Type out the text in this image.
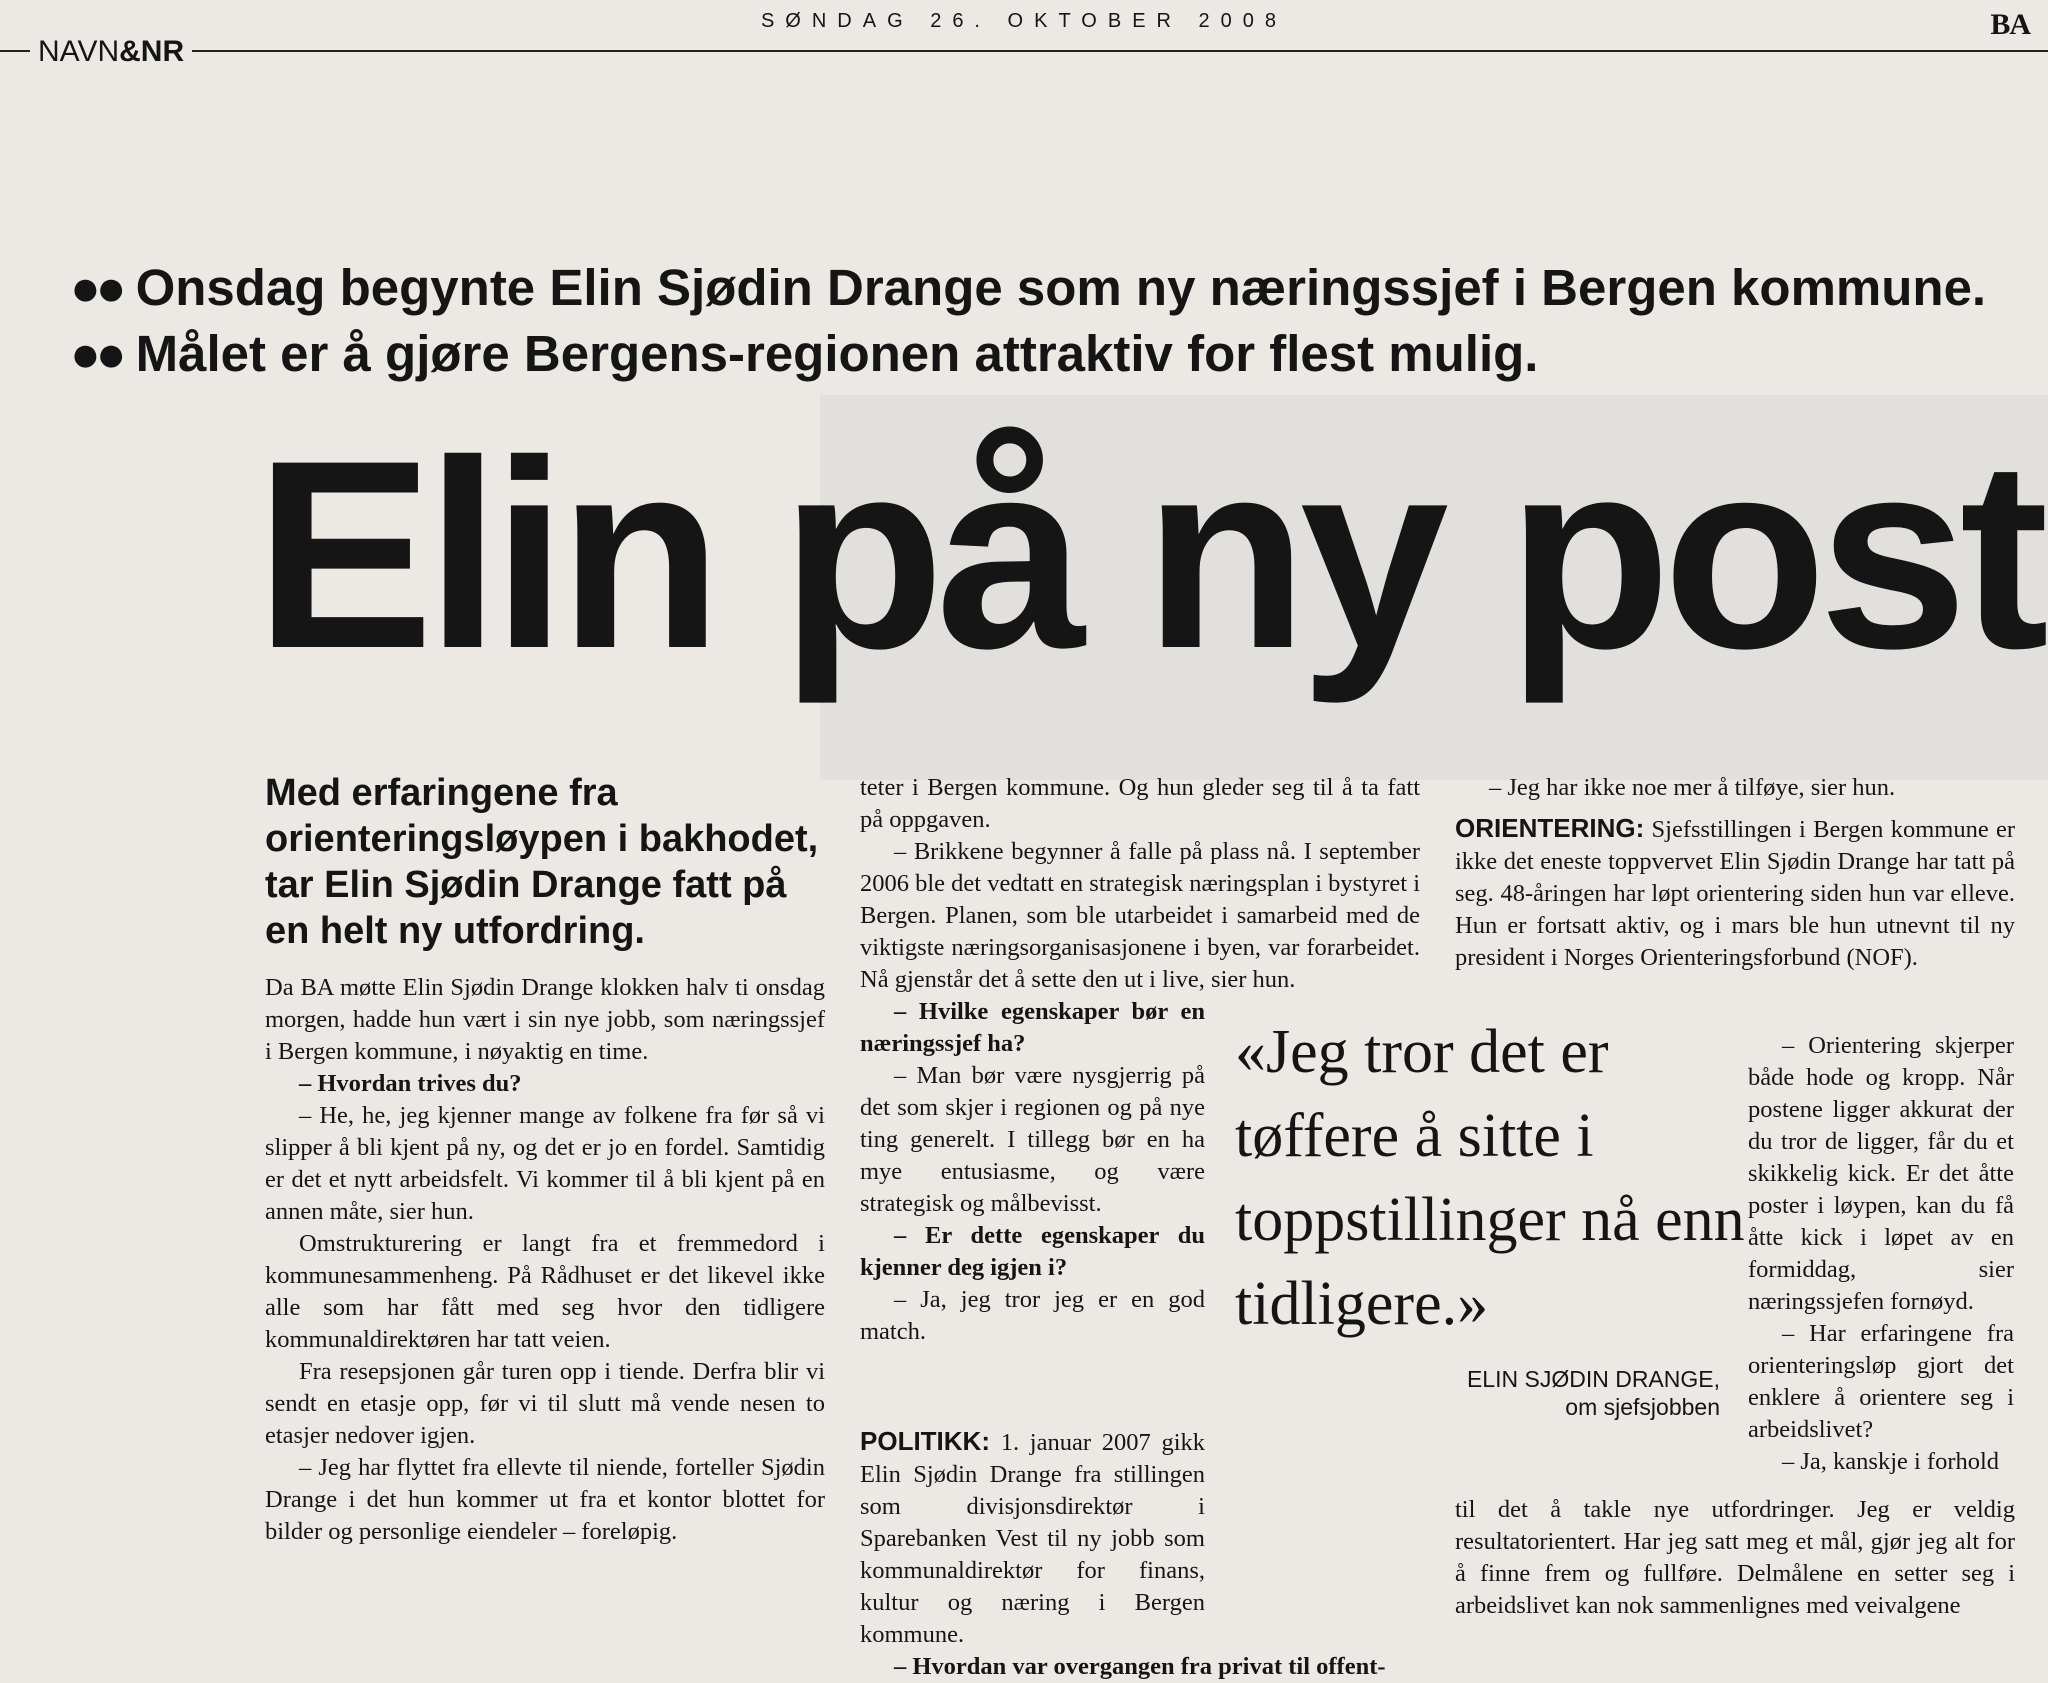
SØNDAG 26. OKTOBER 2008	BA
NAVN&NR
●● Onsdag begynte Elin Sjødin Drange som ny næringssjef i Bergen kommune.
●● Målet er å gjøre Bergens-regionen attraktiv for flest mulig.
Elin på ny post
Med erfaringene fra orienteringsløypen i bakhodet, tar Elin Sjødin Drange fatt på en helt ny utfordring.

Da BA møtte Elin Sjødin Drange klokken halv ti onsdag morgen, hadde hun vært i sin nye jobb, som næringssjef i Bergen kommune, i nøyaktig en time.

– Hvordan trives du?

– He, he, jeg kjenner mange av folkene fra før så vi slipper å bli kjent på ny, og det er jo en fordel. Samtidig er det et nytt arbeidsfelt. Vi kommer til å bli kjent på en annen måte, sier hun.

Omstrukturering er langt fra et fremmedord i kommunesammenheng. På Rådhuset er det likevel ikke alle som har fått med seg hvor den tidligere kommunaldirektøren har tatt veien.

Fra resepsjonen går turen opp i tiende. Derfra blir vi sendt en etasje opp, før vi til slutt må vende nesen to etasjer nedover igjen.

– Jeg har flyttet fra ellevte til niende, forteller Sjødin Drange i det hun kommer ut fra et kontor blottet for bilder og personlige eiendeler – foreløpig.

teter i Bergen kommune. Og hun gleder seg til å ta fatt på oppgaven.

– Brikkene begynner å falle på plass nå. I september 2006 ble det vedtatt en strategisk næringsplan i bystyret i Bergen. Planen, som ble utarbeidet i samarbeid med de viktigste næringsorganisasjonene i byen, var forarbeidet. Nå gjenstår det å sette den ut i live, sier hun.

– Hvilke egenskaper bør en næringssjef ha?

– Man bør være nysgjerrig på det som skjer i regionen og på nye ting generelt. I tillegg bør en ha mye entusiasme, og være strategisk og målbevisst.

– Er dette egenskaper du kjenner deg igjen i?

– Ja, jeg tror jeg er en god match.

POLITIKK: 1. januar 2007 gikk Elin Sjødin Drange fra stillingen som divisjonsdirektør i Sparebanken Vest til ny jobb som kommunaldirektør for finans, kultur og næring i Bergen kommune.

– Hvordan var overgangen fra privat til offent-

– Jeg har ikke noe mer å tilføye, sier hun.

ORIENTERING: Sjefsstillingen i Bergen kommune er ikke det eneste toppvervet Elin Sjødin Drange har tatt på seg. 48-åringen har løpt orientering siden hun var elleve. Hun er fortsatt aktiv, og i mars ble hun utnevnt til ny president i Norges Orienteringsforbund (NOF).

– Orientering skjerper både hode og kropp. Når postene ligger akkurat der du tror de ligger, får du et skikkelig kick. Er det åtte poster i løypen, kan du få åtte kick i løpet av en formiddag, sier næringssjefen fornøyd.

– Har erfaringene fra orienteringsløp gjort det enklere å orientere seg i arbeidslivet?

– Ja, kanskje i forhold

til det å takle nye utfordringer. Jeg er veldig resultatorientert. Har jeg satt meg et mål, gjør jeg alt for å finne frem og fullføre. Delmålene en setter seg i arbeidslivet kan nok sammenlignes med veivalgene

«Jeg tror det er tøffere å sitte i toppstillinger nå enn tidligere.»
ELIN SJØDIN DRANGE,
om sjefsjobben
